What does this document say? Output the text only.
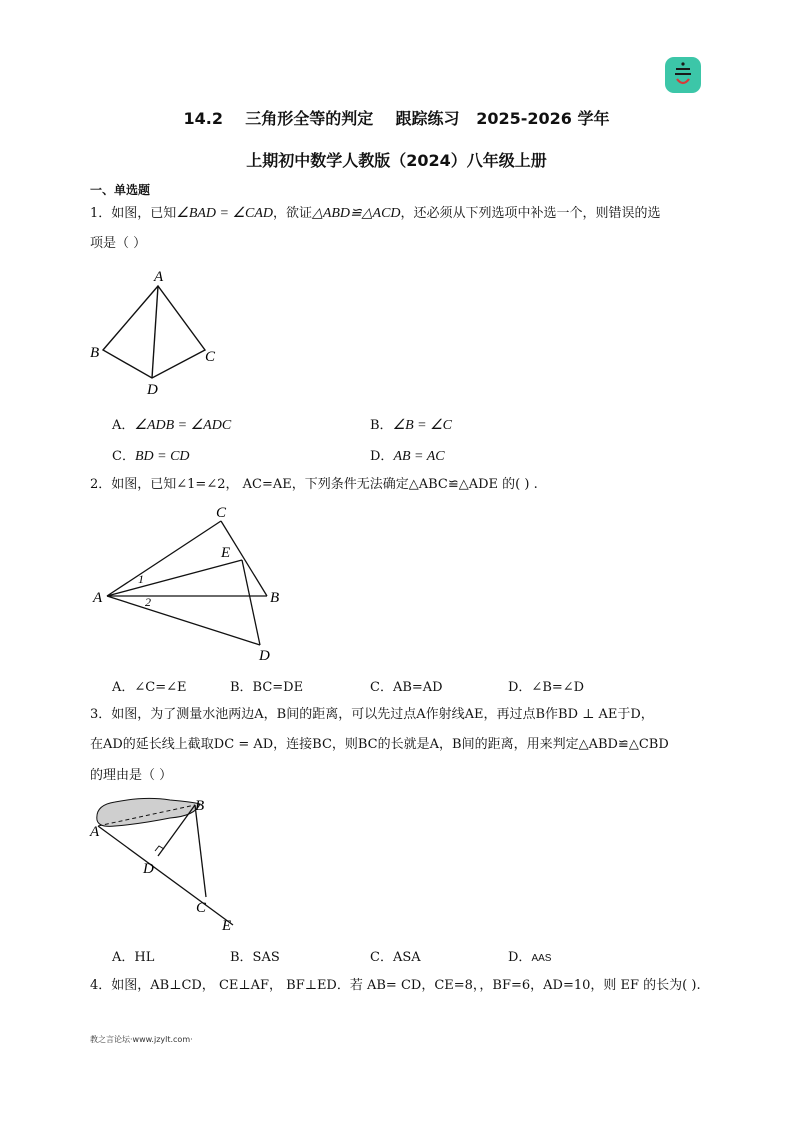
14.2    三角形全等的判定    跟踪练习   2025-2026 学年
上期初中数学人教版（2024）八年级上册
一、单选题
1．如图，已知∠BAD = ∠CAD，欲证△ABD≌△ACD，还必须从下列选项中补选一个，则错误的选
项是（ ）
A
B	C
D
A．∠ADB = ∠ADC	B．∠B = ∠C
C．BD = CD	D．AB = AC
2．如图，已知∠1=∠2， AC=AE，下列条件无法确定△ABC≌△ADE 的( ) .
C
E
A	B
D
1
2
A．∠C=∠E	B．BC=DE	C．AB=AD	D．∠B=∠D
3．如图，为了测量水池两边A，B间的距离，可以先过点A作射线AE，再过点B作BD ⊥ AE于D，
在AD的延长线上截取DC = AD，连接BC，则BC的长就是A，B间的距离，用来判定△ABD≌△CBD
的理由是（ ）
B
A
D
C
E
A．HL	B．SAS	C．ASA	D．AAS
4．如图，AB⊥CD， CE⊥AF， BF⊥ED．若 AB= CD，CE=8，，BF=6，AD=10，则 EF 的长为( ).
教之言论坛·www.jzylt.com·
